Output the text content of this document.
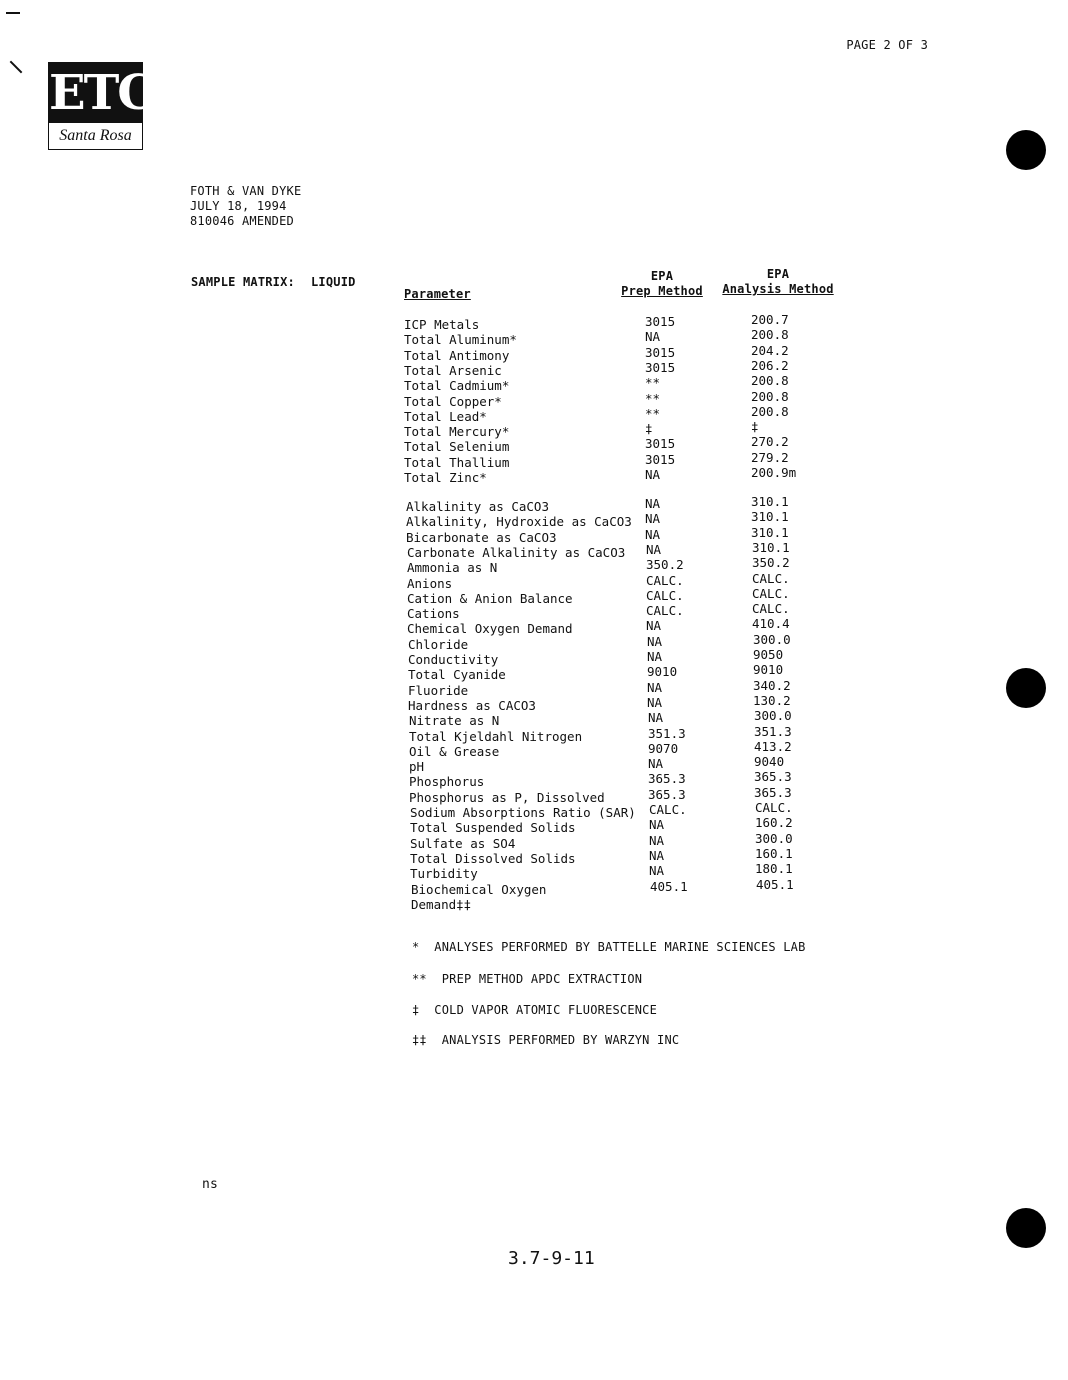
PAGE 2 OF 3
ETC
Santa Rosa
FOTH & VAN DYKE
JULY 18, 1994
810046 AMENDED
SAMPLE MATRIX: LIQUID
Parameter
EPA
Prep Method
EPA
Analysis Method
ICP Metals	3015	200.7
Total Aluminum*	NA	200.8
Total Antimony	3015	204.2
Total Arsenic	3015	206.2
Total Cadmium*	**	200.8
Total Copper*	**	200.8
Total Lead*	**	200.8
Total Mercury*	‡	‡
Total Selenium	3015	270.2
Total Thallium	3015	279.2
Total Zinc*	NA	200.9m
Alkalinity as CaCO3	NA	310.1
Alkalinity, Hydroxide as CaCO3 NA	310.1
Bicarbonate as CaCO3	NA	310.1
Carbonate Alkalinity as CaCO3 NA	310.1
Ammonia as N	350.2	350.2
Anions	CALC.	CALC.
Cation & Anion Balance	CALC.	CALC.
Cations	CALC.	CALC.
Chemical Oxygen Demand	NA	410.4
Chloride	NA	300.0
Conductivity	NA	9050
Total Cyanide	9010	9010
Fluoride	NA	340.2
Hardness as CACO3	NA	130.2
Nitrate as N	NA	300.0
Total Kjeldahl Nitrogen	351.3	351.3
Oil & Grease	9070	413.2
pH	NA	9040
Phosphorus	365.3	365.3
Phosphorus as P, Dissolved	365.3	365.3
Sodium Absorptions Ratio (SAR) CALC.	CALC.
Total Suspended Solids	NA	160.2
Sulfate as SO4	NA	300.0
Total Dissolved Solids	NA	160.1
Turbidity	NA	180.1
Biochemical Oxygen	405.1	405.1
Demand‡‡
* ANALYSES PERFORMED BY BATTELLE MARINE SCIENCES LAB
** PREP METHOD APDC EXTRACTION
‡ COLD VAPOR ATOMIC FLUORESCENCE
‡‡ ANALYSIS PERFORMED BY WARZYN INC
ns
3.7-9-11
